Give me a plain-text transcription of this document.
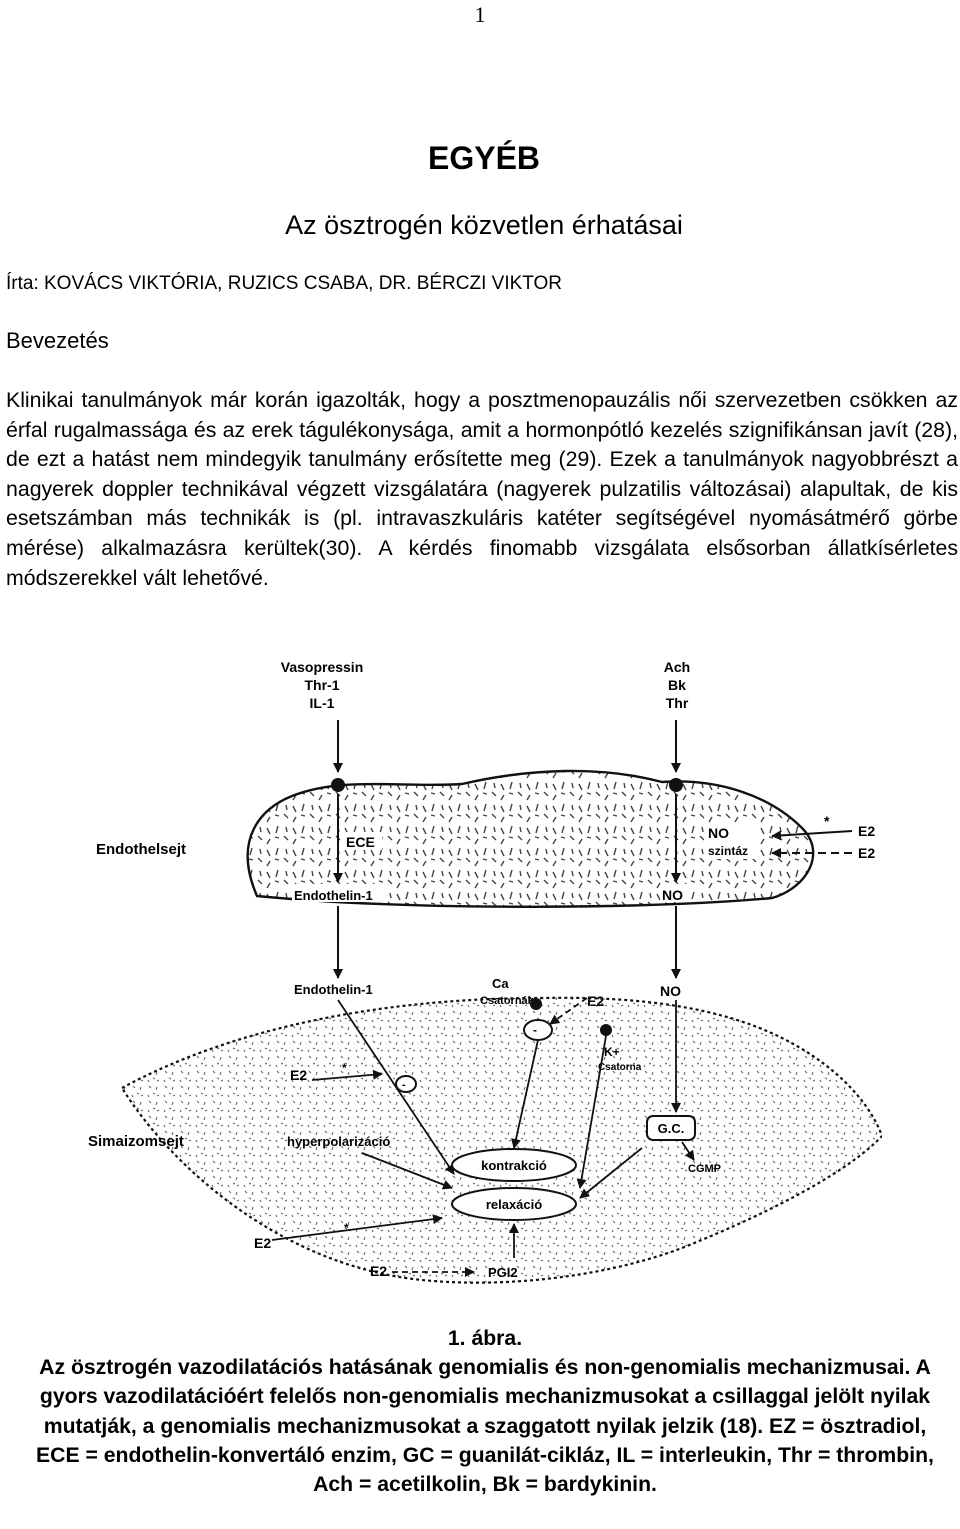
1
EGYÉB
Az ösztrogén közvetlen érhatásai
Írta: KOVÁCS VIKTÓRIA, RUZICS CSABA, DR. BÉRCZI VIKTOR
Bevezetés

Klinikai tanulmányok már korán igazolták, hogy a posztmenopauzális női szervezetben csökken az érfal rugalmassága és az erek tágulékonysága, amit a hormonpótló kezelés szignifikánsan javít (28), de ezt a hatást nem mindegyik tanulmány erősítette meg (29). Ezek a tanulmányok nagyobbrészt a nagyerek doppler technikával végzett vizsgálatára (nagyerek pulzatilis változásai) alapultak, de kis esetszámban más technikák is (pl. intravaszkuláris katéter segítségével nyomásátmérő görbe mérése) alkalmazásra kerültek(30). A kérdés finomabb vizsgálata elsősorban állatkísérletes módszerekkel vált lehetővé.

Vasopressin
Thr-1
IL-1
Ach
Bk
Thr
Endothelsejt	ECE
Endothelin-1
NO
szintáz
NO
*
E2
E2
Endothelin-1	Ca	NO
Simaizomsejt
-
K+
Csatorna
E2	*
-
hyperpolarizáció
kontrakció
relaxáció
G.C.
CGMP
E2
*
E2	PGI2
1. ábra.
Az ösztrogén vazodilatációs hatásának genomialis és non-genomialis mechanizmusai. A gyors vazodilatációért felelős non-genomialis mechanizmusokat a csillaggal jelölt nyilak mutatják, a genomialis mechanizmusokat a szaggatott nyilak jelzik (18). EZ = ösztradiol, ECE = endothelin-konvertáló enzim, GC = guanilát-cikláz, IL = interleukin, Thr = thrombin, Ach = acetilkolin, Bk = bardykinin.
